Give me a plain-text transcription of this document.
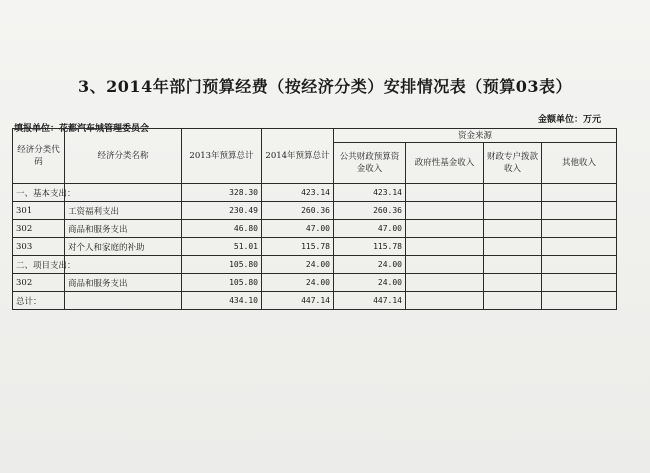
3、2014年部门预算经费（按经济分类）安排情况表（预算03表）
金额单位：万元
填报单位：花都汽车城管理委员会
经济分类代码	经济分类名称	2013年预算总计	2014年预算总计	资金来源			
				公共财政预算资金收入	政府性基金收入	财政专户拨款收入	其他收入
一、基本支出：		328.30	423.14	423.14			
301	工资福利支出	230.49	260.36	260.36			
302	商品和服务支出	46.80	47.00	47.00			
303	对个人和家庭的补助	51.01	115.78	115.78			
二、项目支出：		105.80	24.00	24.00			
302	商品和服务支出	105.80	24.00	24.00			
总计：		434.10	447.14	447.14			
